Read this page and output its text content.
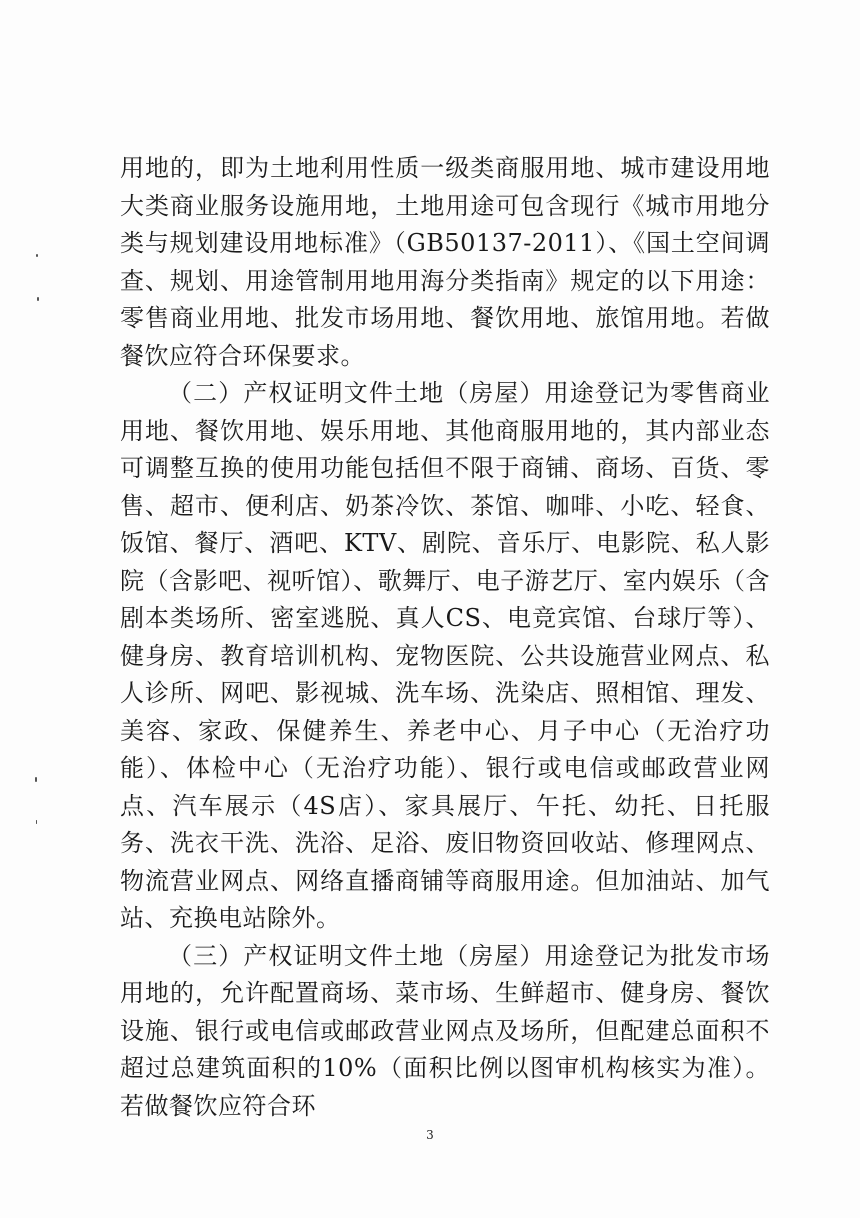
用地的，即为土地利用性质一级类商服用地、城市建设用地大类商业服务设施用地，土地用途可包含现行《城市用地分类与规划建设用地标准》（GB50137-2011）、《国土空间调查、规划、用途管制用地用海分类指南》规定的以下用途：零售商业用地、批发市场用地、餐饮用地、旅馆用地。若做餐饮应符合环保要求。

（二）产权证明文件土地（房屋）用途登记为零售商业用地、餐饮用地、娱乐用地、其他商服用地的，其内部业态可调整互换的使用功能包括但不限于商铺、商场、百货、零售、超市、便利店、奶茶冷饮、茶馆、咖啡、小吃、轻食、饭馆、餐厅、酒吧、KTV、剧院、音乐厅、电影院、私人影院（含影吧、视听馆）、歌舞厅、电子游艺厅、室内娱乐（含剧本类场所、密室逃脱、真人CS、电竞宾馆、台球厅等）、健身房、教育培训机构、宠物医院、公共设施营业网点、私人诊所、网吧、影视城、洗车场、洗染店、照相馆、理发、美容、家政、保健养生、养老中心、月子中心（无治疗功能）、体检中心（无治疗功能）、银行或电信或邮政营业网点、汽车展示（4S店）、家具展厅、午托、幼托、日托服务、洗衣干洗、洗浴、足浴、废旧物资回收站、修理网点、物流营业网点、网络直播商铺等商服用途。但加油站、加气站、充换电站除外。

（三）产权证明文件土地（房屋）用途登记为批发市场用地的，允许配置商场、菜市场、生鲜超市、健身房、餐饮设施、银行或电信或邮政营业网点及场所，但配建总面积不超过总建筑面积的10%（面积比例以图审机构核实为准）。若做餐饮应符合环

3
